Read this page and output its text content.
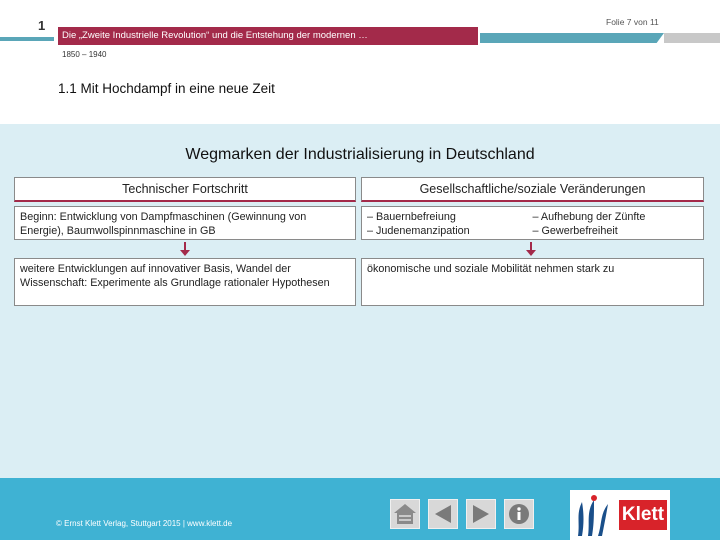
1
Die „Zweite Industrielle Revolution“ und die Entstehung der modernen …
Folie 7 von 11
1850 – 1940
1.1 Mit Hochdampf in eine neue Zeit
Wegmarken der Industrialisierung in Deutschland
Technischer Fortschritt	Gesellschaftliche/soziale Veränderungen
Beginn: Entwicklung von Dampfmaschinen (Gewinnung von Energie), Baumwollspinnmaschine in GB
– Bauernbefreiung
– Judenemanzipation
– Aufhebung der Zünfte
– Gewerbefreiheit
weitere Entwicklungen auf innovativer Basis, Wandel der Wissenschaft: Experimente als Grundlage rationaler Hypothesen
ökonomische und soziale Mobilität nehmen stark zu
© Ernst Klett Verlag, Stuttgart 2015 | www.klett.de	Klett
